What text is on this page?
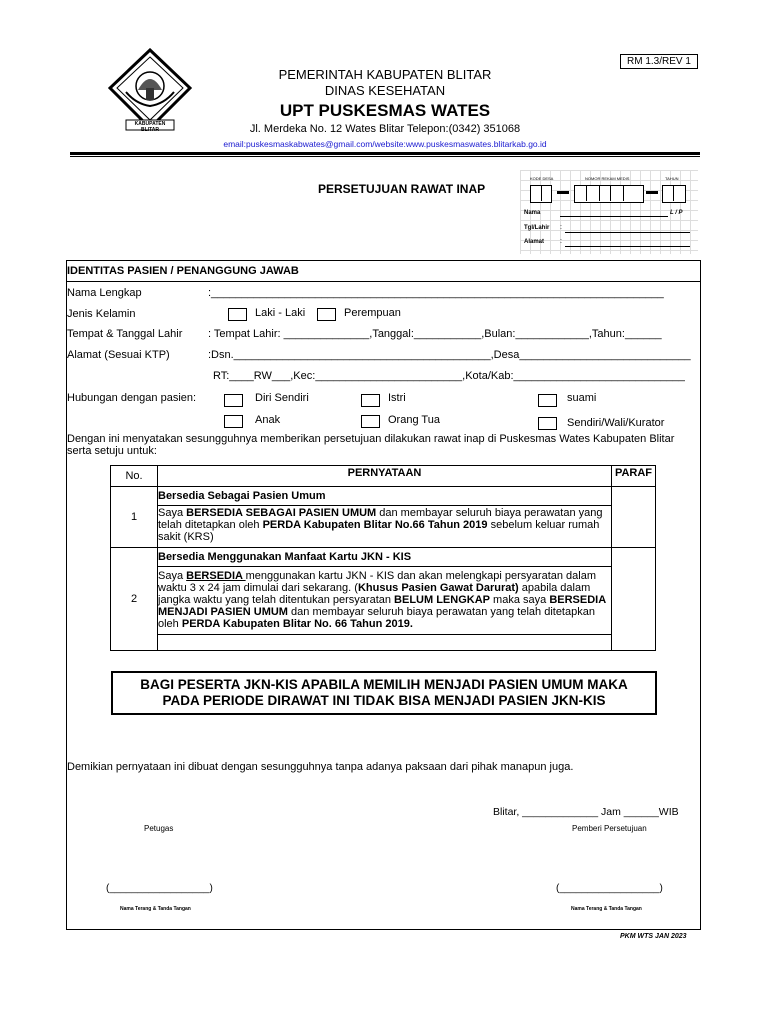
KABUPATEN BLITAR
RM 1.3/REV 1
PEMERINTAH KABUPATEN BLITAR
DINAS KESEHATAN
UPT PUSKESMAS WATES
Jl. Merdeka No. 12 Wates Blitar Telepon:(0342) 351068
email:puskesmaskabwates@gmail.com/website:www.puskesmaswates.blitarkab.go.id
PERSETUJUAN RAWAT INAP
KODE DESA	NOMOR REKAM MEDIS	TAHUN
Nama	L / P
Tgl/Lahir :
Alamat :
IDENTITAS PASIEN / PENANGGUNG JAWAB
Nama Lengkap	:__________________________________________________________________________
Jenis Kelamin	Laki - Laki	Perempuan
Tempat & Tanggal Lahir : Tempat Lahir: ______________,Tanggal:___________,Bulan:____________,Tahun:______
Alamat (Sesuai KTP)	:Dsn.__________________________________________,Desa____________________________
RT:____RW___,Kec:________________________,Kota/Kab:____________________________
Hubungan dengan pasien:	Diri Sendiri	Istri	suami
Anak	Orang Tua	Sendiri/Wali/Kurator
Dengan ini menyatakan sesungguhnya memberikan persetujuan dilakukan rawat inap di Puskesmas Wates Kabupaten Blitar serta setuju untuk:
No.	PERNYATAAN	PARAF
1
Bersedia Sebagai Pasien Umum
Saya BERSEDIA SEBAGAI PASIEN UMUM dan membayar seluruh biaya perawatan yang telah ditetapkan oleh PERDA Kabupaten Blitar No.66 Tahun 2019 sebelum keluar rumah sakit (KRS)
2
Bersedia Menggunakan Manfaat Kartu JKN - KIS
Saya BERSEDIA menggunakan kartu JKN - KIS dan akan melengkapi persyaratan dalam waktu 3 x 24 jam dimulai dari sekarang. (Khusus Pasien Gawat Darurat) apabila dalam jangka waktu yang telah ditentukan persyaratan BELUM LENGKAP maka saya BERSEDIA MENJADI PASIEN UMUM dan membayar seluruh biaya perawatan yang telah ditetapkan oleh PERDA Kabupaten Blitar No. 66 Tahun 2019.
BAGI PESERTA JKN-KIS APABILA MEMILIH MENJADI PASIEN UMUM MAKA PADA PERIODE DIRAWAT INI TIDAK BISA MENJADI PASIEN JKN-KIS
Demikian pernyataan ini dibuat dengan sesungguhnya tanpa adanya paksaan dari pihak manapun juga.
Blitar, _____________ Jam ______WIB
Petugas	Pemberi Persetujuan
(__________________)	(__________________)
Nama Terang & Tanda Tangan	Nama Terang & Tanda Tangan
PKM WTS JAN 2023
